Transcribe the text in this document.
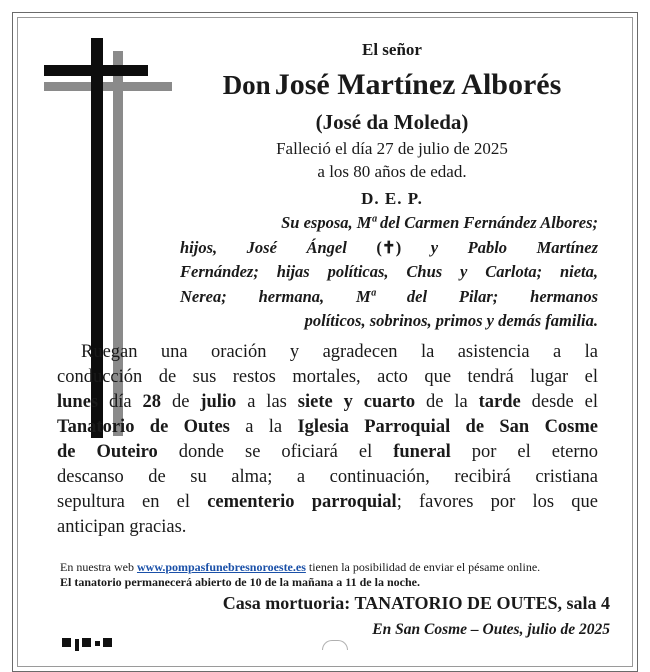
El señor
Don José Martínez Alborés
(José da Moleda)
Falleció el día 27 de julio de 2025
a los 80 años de edad.
D. E. P.
Su esposa, Mª del Carmen Fernández Albores;
hijos, José Ángel (✝) y Pablo Martínez
Fernández; hijas políticas, Chus y Carlota; nieta,
Nerea; hermana, Mª del Pilar; hermanos
políticos, sobrinos, primos y demás familia.
Ruegan una oración y agradecen la asistencia a la
conducción de sus restos mortales, acto que tendrá lugar el
lunes día 28 de julio a las siete y cuarto de la tarde desde el
Tanatorio de Outes a la Iglesia Parroquial de San Cosme
de Outeiro donde se oficiará el funeral por el eterno
descanso de su alma; a continuación, recibirá cristiana
sepultura en el cementerio parroquial; favores por los que
anticipan gracias.
En nuestra web www.pompasfunebresnoroeste.es tienen la posibilidad de enviar el pésame online.
El tanatorio permanecerá abierto de 10 de la mañana a 11 de la noche.
Casa mortuoria: TANATORIO DE OUTES, sala 4
En San Cosme – Outes, julio de 2025
